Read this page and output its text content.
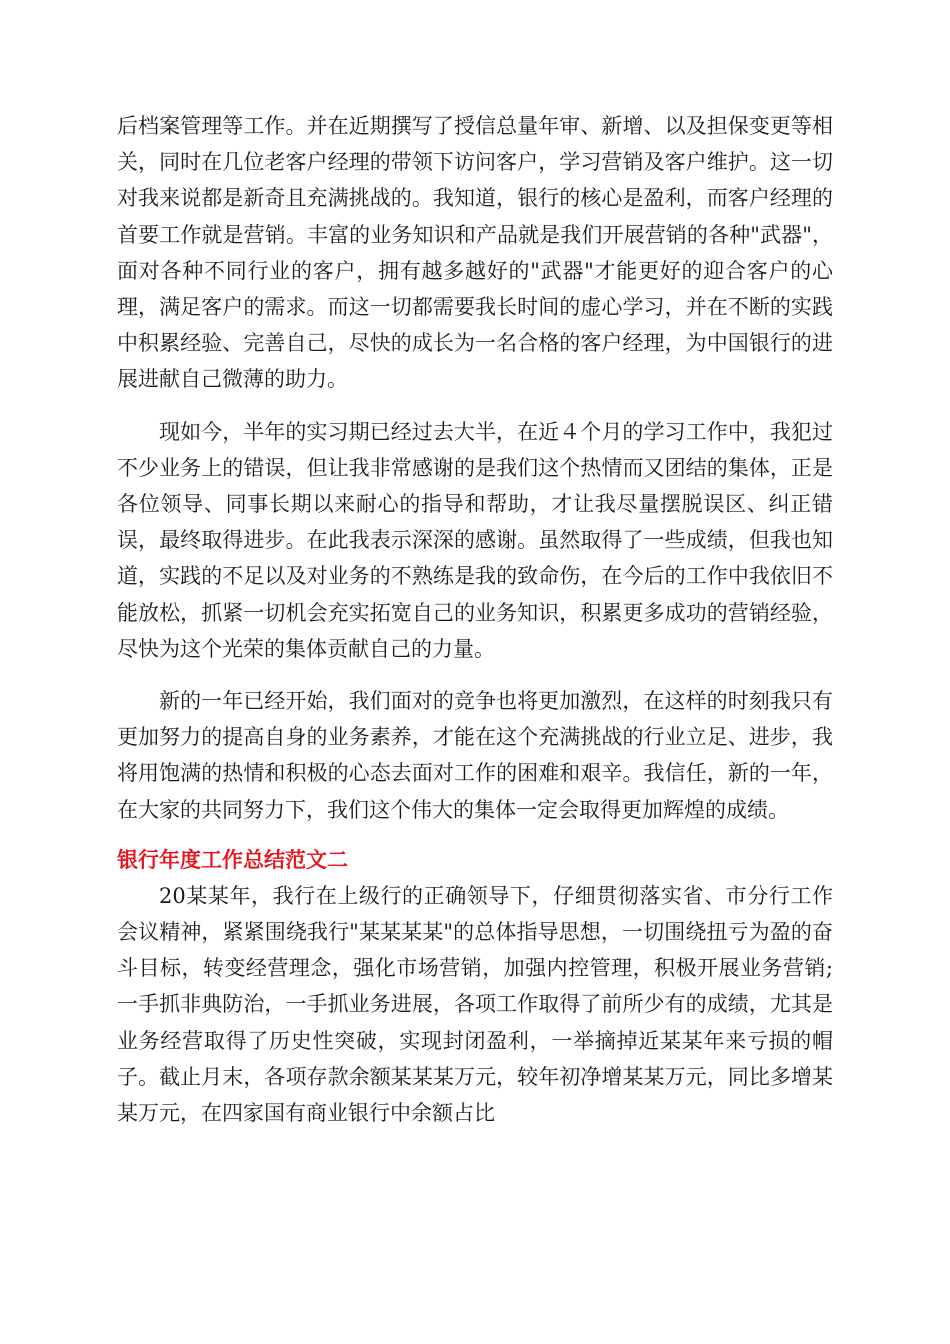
后档案管理等工作。并在近期撰写了授信总量年审、新增、以及担保变更等相关，同时在几位老客户经理的带领下访问客户，学习营销及客户维护。这一切对我来说都是新奇且充满挑战的。我知道，银行的核心是盈利，而客户经理的首要工作就是营销。丰富的业务知识和产品就是我们开展营销的各种"武器"，面对各种不同行业的客户，拥有越多越好的"武器"才能更好的迎合客户的心理，满足客户的需求。而这一切都需要我长时间的虚心学习，并在不断的实践中积累经验、完善自己，尽快的成长为一名合格的客户经理，为中国银行的进展进献自己微薄的助力。

现如今，半年的实习期已经过去大半，在近４个月的学习工作中，我犯过不少业务上的错误，但让我非常感谢的是我们这个热情而又团结的集体，正是各位领导、同事长期以来耐心的指导和帮助，才让我尽量摆脱误区、纠正错误，最终取得进步。在此我表示深深的感谢。虽然取得了一些成绩，但我也知道，实践的不足以及对业务的不熟练是我的致命伤，在今后的工作中我依旧不能放松，抓紧一切机会充实拓宽自己的业务知识，积累更多成功的营销经验，尽快为这个光荣的集体贡献自己的力量。

新的一年已经开始，我们面对的竞争也将更加激烈，在这样的时刻我只有更加努力的提高自身的业务素养，才能在这个充满挑战的行业立足、进步，我将用饱满的热情和积极的心态去面对工作的困难和艰辛。我信任，新的一年，在大家的共同努力下，我们这个伟大的集体一定会取得更加辉煌的成绩。

银行年度工作总结范文二

20某某年，我行在上级行的正确领导下，仔细贯彻落实省、市分行工作会议精神，紧紧围绕我行"某某某某"的总体指导思想，一切围绕扭亏为盈的奋斗目标，转变经营理念，强化市场营销，加强内控管理，积极开展业务营销;一手抓非典防治，一手抓业务进展，各项工作取得了前所少有的成绩，尤其是业务经营取得了历史性突破，实现封闭盈利，一举摘掉近某某年来亏损的帽子。截止月末，各项存款余额某某某万元，较年初净增某某万元，同比多增某某万元，在四家国有商业银行中余额占比
